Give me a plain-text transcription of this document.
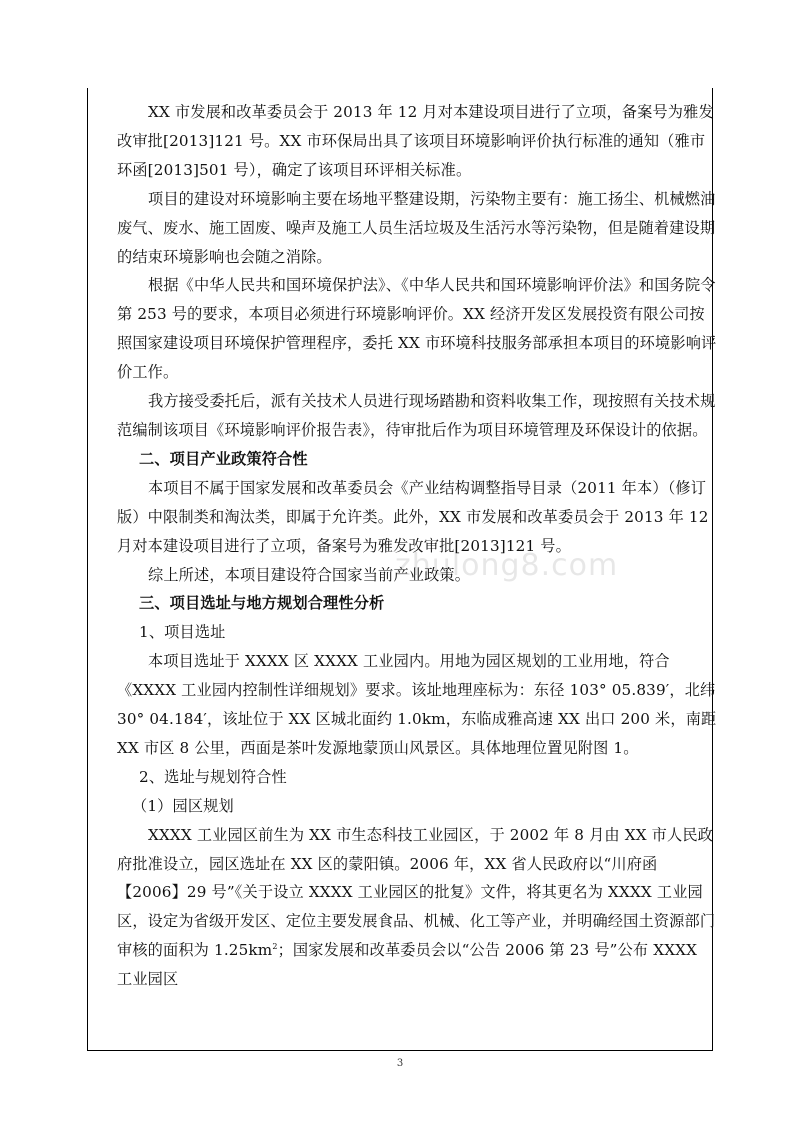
zhulong8.com

XX 市发展和改革委员会于 2013 年 12 月对本建设项目进行了立项，备案号为雅发改审批[2013]121 号。XX 市环保局出具了该项目环境影响评价执行标准的通知（雅市环函[2013]501 号），确定了该项目环评相关标准。

项目的建设对环境影响主要在场地平整建设期，污染物主要有：施工扬尘、机械燃油废气、废水、施工固废、噪声及施工人员生活垃圾及生活污水等污染物，但是随着建设期的结束环境影响也会随之消除。

根据《中华人民共和国环境保护法》、《中华人民共和国环境影响评价法》和国务院令第 253 号的要求，本项目必须进行环境影响评价。XX 经济开发区发展投资有限公司按照国家建设项目环境保护管理程序，委托 XX 市环境科技服务部承担本项目的环境影响评价工作。

我方接受委托后，派有关技术人员进行现场踏勘和资料收集工作，现按照有关技术规范编制该项目《环境影响评价报告表》，待审批后作为项目环境管理及环保设计的依据。

二、项目产业政策符合性

本项目不属于国家发展和改革委员会《产业结构调整指导目录（2011 年本）（修订版）中限制类和淘汰类，即属于允许类。此外，XX 市发展和改革委员会于 2013 年 12 月对本建设项目进行了立项，备案号为雅发改审批[2013]121 号。

综上所述，本项目建设符合国家当前产业政策。

三、项目选址与地方规划合理性分析

1、项目选址

本项目选址于 XXXX 区 XXXX 工业园内。用地为园区规划的工业用地，符合《XXXX 工业园内控制性详细规划》要求。该址地理座标为：东径 103° 05.839′，北纬 30° 04.184′，该址位于 XX 区城北面约 1.0km，东临成雅高速 XX 出口 200 米，南距 XX 市区 8 公里，西面是茶叶发源地蒙顶山风景区。具体地理位置见附图 1。

2、选址与规划符合性

（1）园区规划

XXXX 工业园区前生为 XX 市生态科技工业园区，于 2002 年 8 月由 XX 市人民政府批准设立，园区选址在 XX 区的蒙阳镇。2006 年，XX 省人民政府以“川府函【2006】29 号”《关于设立 XXXX 工业园区的批复》文件，将其更名为 XXXX 工业园区，设定为省级开发区、定位主要发展食品、机械、化工等产业，并明确经国土资源部门审核的面积为 $1.25km^2$；国家发展和改革委员会以“公告 2006 第 23 号”公布 XXXX 工业园区

3
